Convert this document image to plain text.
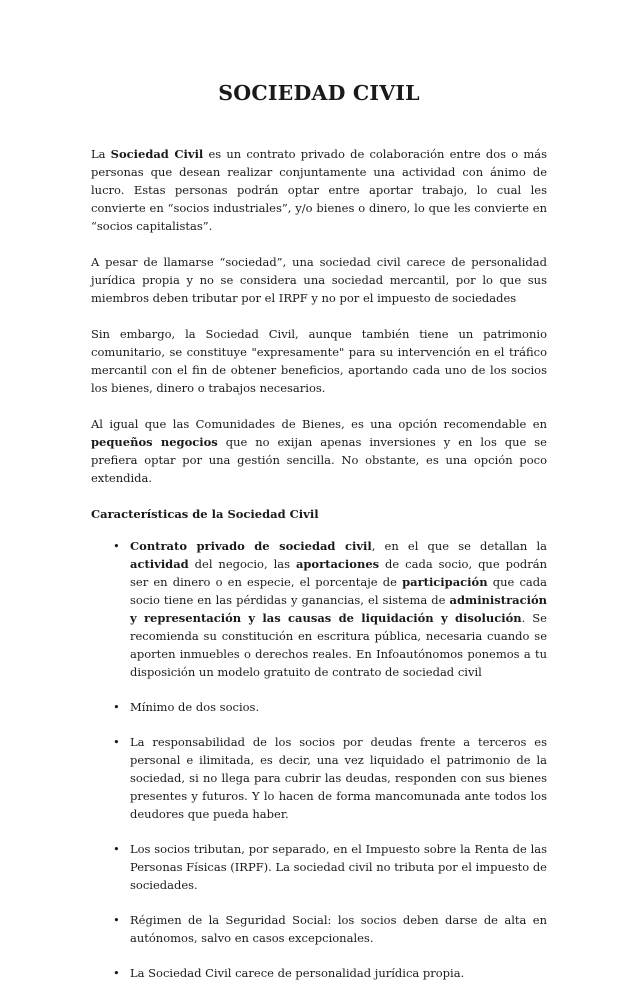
SOCIEDAD CIVIL

La Sociedad Civil es un contrato privado de colaboración entre dos o más personas que desean realizar conjuntamente una actividad con ánimo de lucro. Estas personas podrán optar entre aportar trabajo, lo cual les convierte en “socios industriales”, y/o bienes o dinero, lo que les convierte en “socios capitalistas”.

A pesar de llamarse “sociedad”, una sociedad civil carece de personalidad jurídica propia y no se considera una sociedad mercantil, por lo que sus miembros deben tributar por el IRPF y no por el impuesto de sociedades

Sin embargo, la Sociedad Civil, aunque también tiene un patrimonio comunitario, se constituye "expresamente" para su intervención en el tráfico mercantil con el fin de obtener beneficios, aportando cada uno de los socios los bienes, dinero o trabajos necesarios.

Al igual que las Comunidades de Bienes, es una opción recomendable en pequeños negocios que no exijan apenas inversiones y en los que se prefiera optar por una gestión sencilla. No obstante, es una opción poco extendida.

Características de la Sociedad Civil
• Contrato privado de sociedad civil, en el que se detallan la actividad del negocio, las aportaciones de cada socio, que podrán ser en dinero o en especie, el porcentaje de participación que cada socio tiene en las pérdidas y ganancias, el sistema de administración y representación y las causas de liquidación y disolución. Se recomienda su constitución en escritura pública, necesaria cuando se aporten inmuebles o derechos reales. En Infoautónomos ponemos a tu disposición un modelo gratuito de contrato de sociedad civil
• Mínimo de dos socios.
• La responsabilidad de los socios por deudas frente a terceros es personal e ilimitada, es decir, una vez liquidado el patrimonio de la sociedad, si no llega para cubrir las deudas, responden con sus bienes presentes y futuros. Y lo hacen de forma mancomunada ante todos los deudores que pueda haber.
• Los socios tributan, por separado, en el Impuesto sobre la Renta de las Personas Físicas (IRPF). La sociedad civil no tributa por el impuesto de sociedades.
• Régimen de la Seguridad Social: los socios deben darse de alta en autónomos, salvo en casos excepcionales.
• La Sociedad Civil carece de personalidad jurídica propia.
